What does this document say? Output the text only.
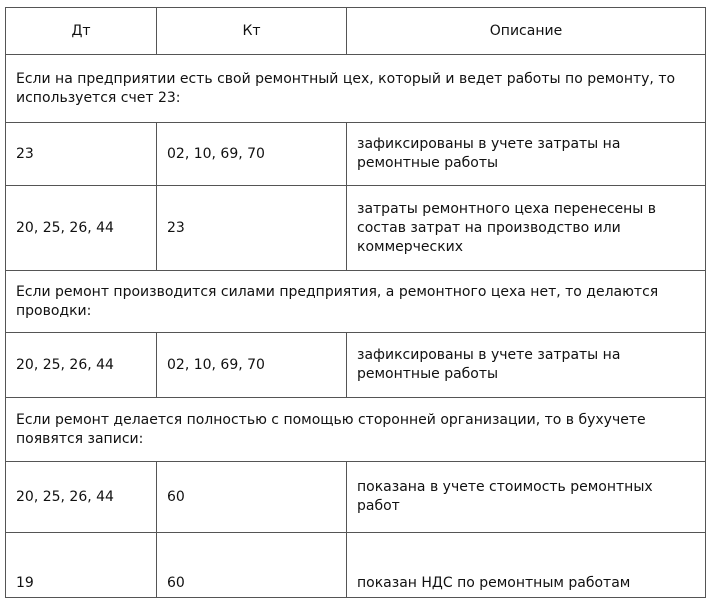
Дт	Кт	Описание
Если на предприятии есть свой ремонтный цех, который и ведет работы по ремонту, то используется счет 23:		
23	02, 10, 69, 70	зафиксированы в учете затраты на ремонтные работы
20, 25, 26, 44	23	затраты ремонтного цеха перенесены в состав затрат на производство или коммерческих
Если ремонт производится силами предприятия, а ремонтного цеха нет, то делаются проводки:		
20, 25, 26, 44	02, 10, 69, 70	зафиксированы в учете затраты на ремонтные работы
Если ремонт делается полностью с помощью сторонней организации, то в бухучете появятся записи:		
20, 25, 26, 44	60	показана в учете стоимость ремонтных работ
19	60	показан НДС по ремонтным работам
